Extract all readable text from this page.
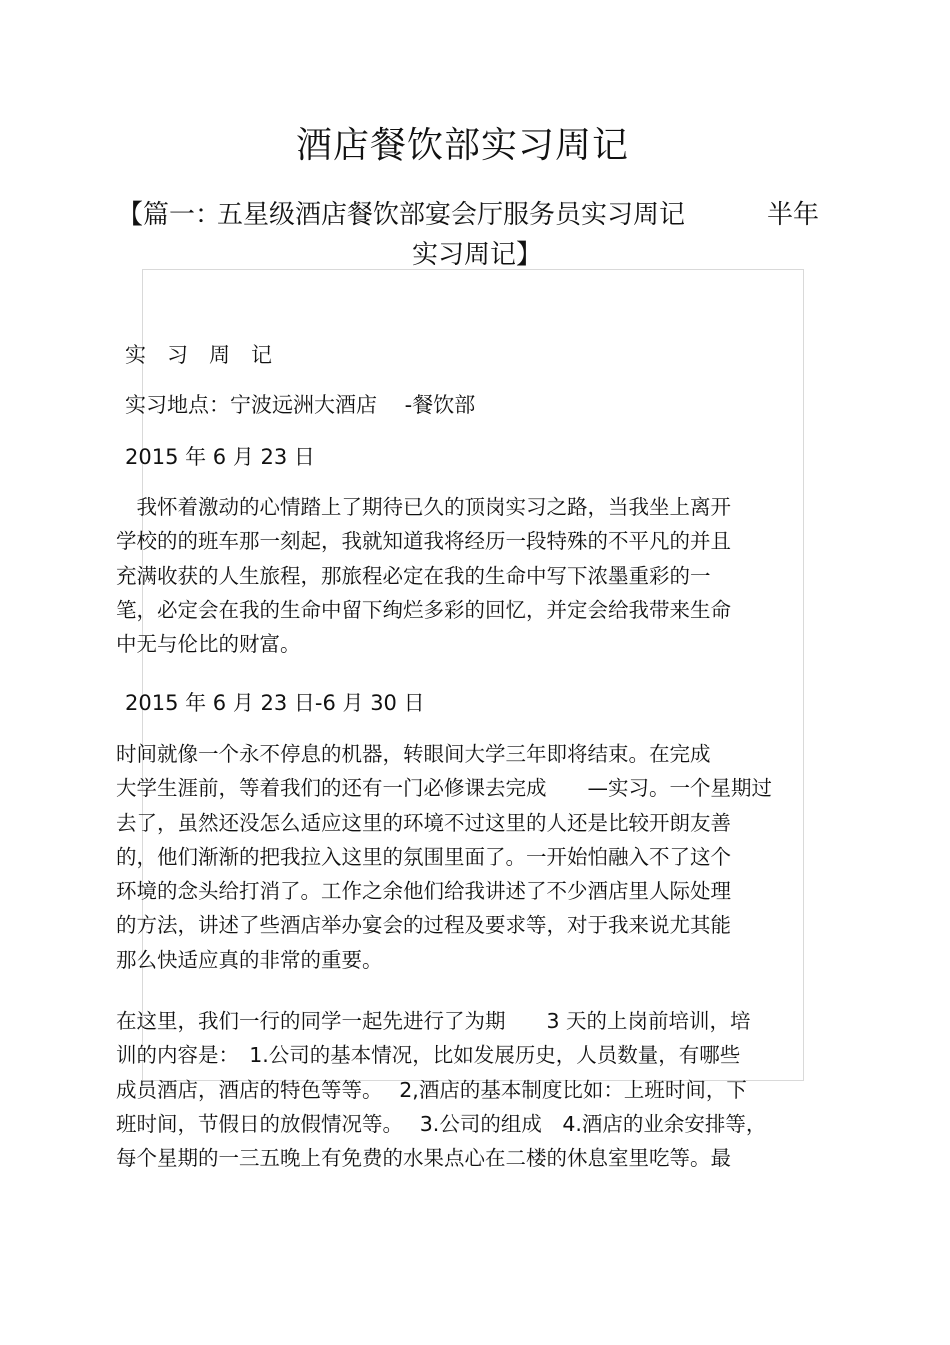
酒店餐饮部实习周记
【篇一：
五星级酒店餐饮部宴会厅服务员实习周记	半年
实习周记】
实　习　周　记
实习地点：宁波远洲大酒店　 -餐饮部
2015 年 6 月 23 日
　我怀着激动的心情踏上了期待已久的顶岗实习之路，当我坐上离开
学校的的班车那一刻起，我就知道我将经历一段特殊的不平凡的并且
充满收获的人生旅程，那旅程必定在我的生命中写下浓墨重彩的一
笔，必定会在我的生命中留下绚烂多彩的回忆，并定会给我带来生命
中无与伦比的财富。
2015 年 6 月 23 日-6 月 30 日
时间就像一个永不停息的机器，转眼间大学三年即将结束。在完成
大学生涯前，等着我们的还有一门必修课去完成　　—实习。一个星期过
去了，虽然还没怎么适应这里的环境不过这里的人还是比较开朗友善
的，他们渐渐的把我拉入这里的氛围里面了。一开始怕融入不了这个
环境的念头给打消了。工作之余他们给我讲述了不少酒店里人际处理
的方法，讲述了些酒店举办宴会的过程及要求等，对于我来说尤其能
那么快适应真的非常的重要。
在这里，我们一行的同学一起先进行了为期　　3 天的上岗前培训，培
训的内容是：　1.公司的基本情况，比如发展历史，人员数量，有哪些
成员酒店，酒店的特色等等。　 2,酒店的基本制度比如：上班时间，下
班时间，节假日的放假情况等。　 3.公司的组成　4.酒店的业余安排等，
每个星期的一三五晚上有免费的水果点心在二楼的休息室里吃等。最
